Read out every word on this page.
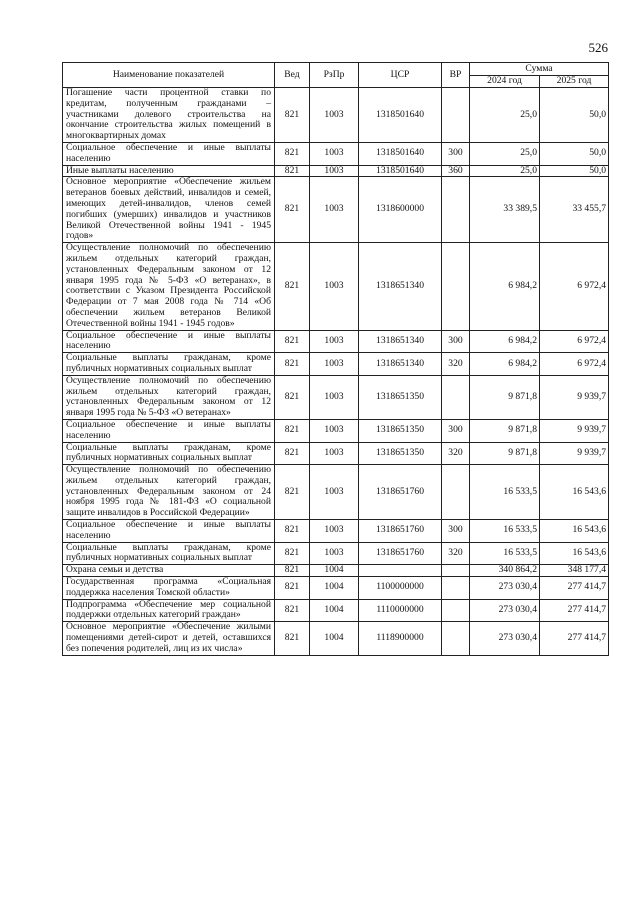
526
Наименование показателей	Вед	РзПр	ЦСР	ВР	Сумма	
					2024 год	2025 год
Погашение части процентной ставки по кредитам, полученным гражданами – участниками долевого строительства на окончание строительства жилых помещений в многоквартирных домах	821	1003	1318501640		25,0	50,0
Социальное обеспечение и иные выплаты населению	821	1003	1318501640	300	25,0	50,0
Иные выплаты населению	821	1003	1318501640	360	25,0	50,0
Основное мероприятие «Обеспечение жильем ветеранов боевых действий, инвалидов и семей, имеющих детей-инвалидов, членов семей погибших (умерших) инвалидов и участников Великой Отечественной войны 1941 - 1945 годов»	821	1003	1318600000		33 389,5	33 455,7
Осуществление полномочий по обеспечению жильем отдельных категорий граждан, установленных Федеральным законом от 12 января 1995 года № 5-ФЗ «О ветеранах», в соответствии с Указом Президента Российской Федерации от 7 мая 2008 года № 714 «Об обеспечении жильем ветеранов Великой Отечественной войны 1941 - 1945 годов»	821	1003	1318651340		6 984,2	6 972,4
Социальное обеспечение и иные выплаты населению	821	1003	1318651340	300	6 984,2	6 972,4
Социальные выплаты гражданам, кроме публичных нормативных социальных выплат	821	1003	1318651340	320	6 984,2	6 972,4
Осуществление полномочий по обеспечению жильем отдельных категорий граждан, установленных Федеральным законом от 12 января 1995 года № 5-ФЗ «О ветеранах»	821	1003	1318651350		9 871,8	9 939,7
Социальное обеспечение и иные выплаты населению	821	1003	1318651350	300	9 871,8	9 939,7
Социальные выплаты гражданам, кроме публичных нормативных социальных выплат	821	1003	1318651350	320	9 871,8	9 939,7
Осуществление полномочий по обеспечению жильем отдельных категорий граждан, установленных Федеральным законом от 24 ноября 1995 года № 181-ФЗ «О социальной защите инвалидов в Российской Федерации»	821	1003	1318651760		16 533,5	16 543,6
Социальное обеспечение и иные выплаты населению	821	1003	1318651760	300	16 533,5	16 543,6
Социальные выплаты гражданам, кроме публичных нормативных социальных выплат	821	1003	1318651760	320	16 533,5	16 543,6
Охрана семьи и детства	821	1004			340 864,2	348 177,4
Государственная программа «Социальная поддержка населения Томской области»	821	1004	1100000000		273 030,4	277 414,7
Подпрограмма «Обеспечение мер социальной поддержки отдельных категорий граждан»	821	1004	1110000000		273 030,4	277 414,7
Основное мероприятие «Обеспечение жилыми помещениями детей-сирот и детей, оставшихся без попечения родителей, лиц из их числа»	821	1004	1118900000		273 030,4	277 414,7
